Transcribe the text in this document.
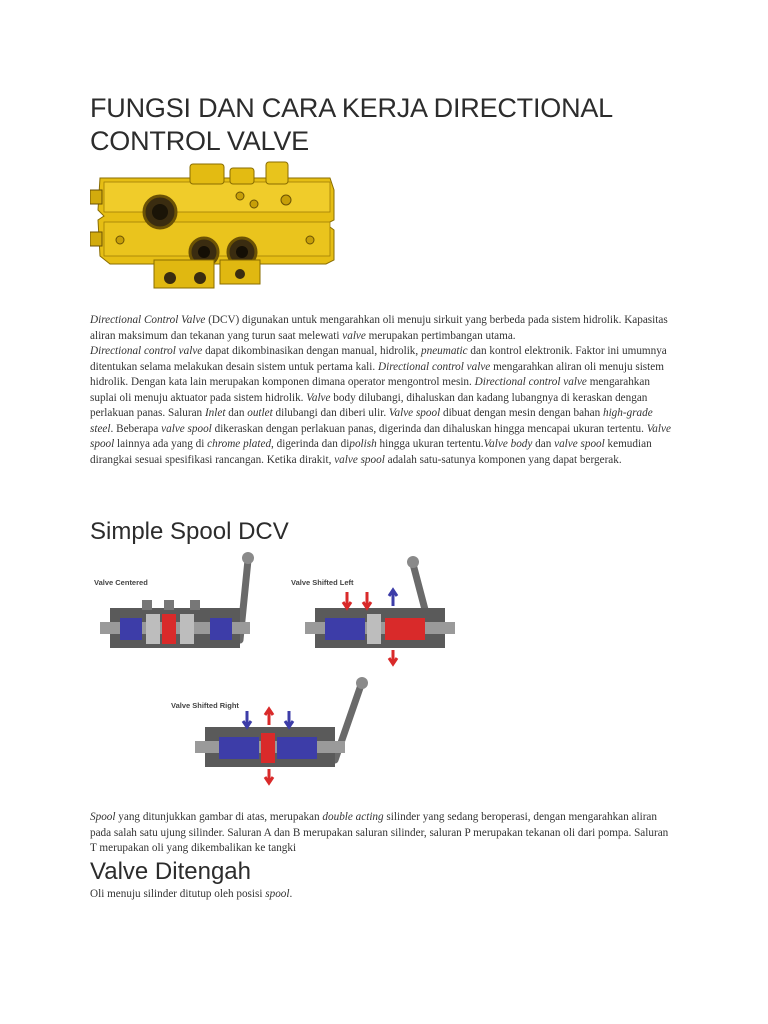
FUNGSI DAN CARA KERJA DIRECTIONAL CONTROL VALVE

Directional Control Valve (DCV) digunakan untuk mengarahkan oli menuju sirkuit yang berbeda pada sistem hidrolik. Kapasitas aliran maksimum dan tekanan yang turun saat melewati valve merupakan pertimbangan utama.

Directional control valve dapat dikombinasikan dengan manual, hidrolik, pneumatic dan kontrol elektronik. Faktor ini umumnya ditentukan selama melakukan desain sistem untuk pertama kali. Directional control valve mengarahkan aliran oli menuju sistem hidrolik. Dengan kata lain merupakan komponen dimana operator mengontrol mesin. Directional control valve mengarahkan suplai oli menuju aktuator pada sistem hidrolik. Valve body dilubangi, dihaluskan dan kadang lubangnya di keraskan dengan perlakuan panas. Saluran Inlet dan outlet dilubangi dan diberi ulir. Valve spool dibuat dengan mesin dengan bahan high-grade steel. Beberapa valve spool dikeraskan dengan perlakuan panas, digerinda dan dihaluskan hingga mencapai ukuran tertentu. Valve spool lainnya ada yang di chrome plated, digerinda dan dipolish hingga ukuran tertentu.Valve body dan valve spool kemudian dirangkai sesuai spesifikasi rancangan. Ketika dirakit, valve spool adalah satu-satunya komponen yang dapat bergerak.

Simple Spool DCV
Valve Centered	Valve Shifted Left
Valve Shifted Right

Spool yang ditunjukkan gambar di atas, merupakan double acting silinder yang sedang beroperasi, dengan mengarahkan aliran pada salah satu ujung silinder. Saluran A dan B merupakan saluran silinder, saluran P merupakan tekanan oli dari pompa. Saluran T merupakan oli yang dikembalikan ke tangki

Valve Ditengah

Oli menuju silinder ditutup oleh posisi spool.
